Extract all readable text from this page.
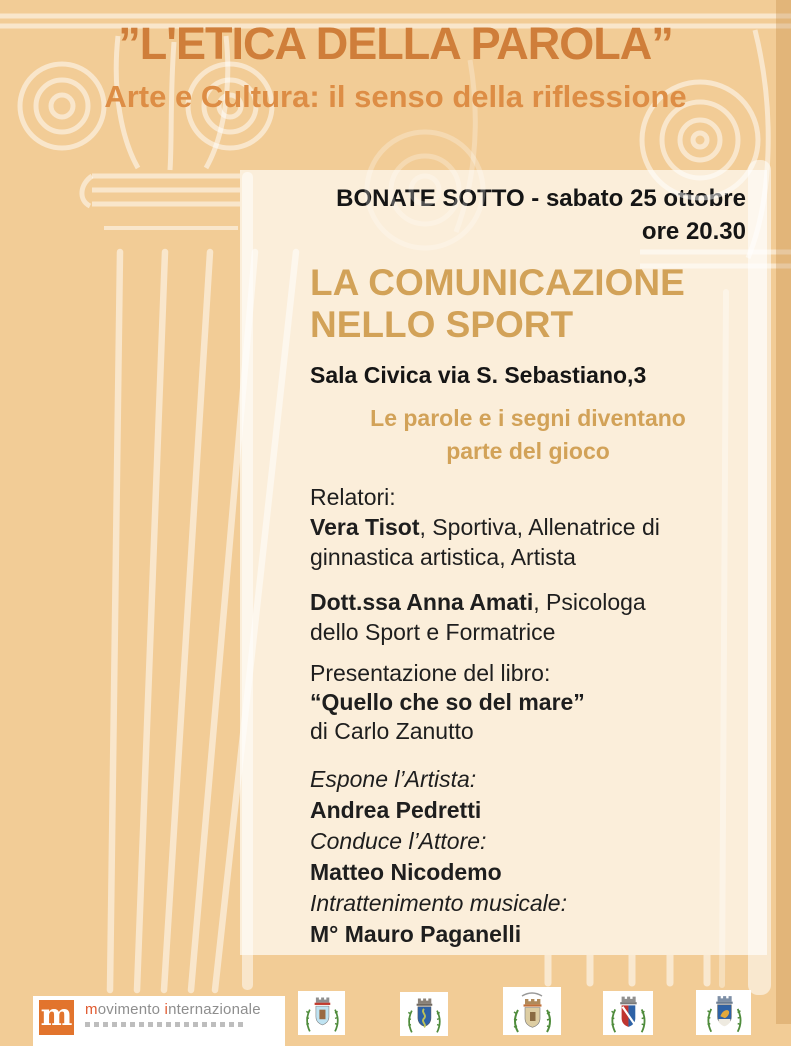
BONATE SOTTO - sabato 25 ottobre
ore 20.30
LA COMUNICAZIONE
NELLO SPORT
Sala Civica via S. Sebastiano,3
Le parole e i segni diventano
parte del gioco
Relatori:
Vera Tisot, Sportiva, Allenatrice di
ginnastica artistica, Artista
Dott.ssa Anna Amati, Psicologa
dello Sport e Formatrice
Presentazione del libro:
“Quello che so del mare”
di Carlo Zanutto
Espone l’Artista:
Andrea Pedretti
Conduce l’Attore:
Matteo Nicodemo
Intrattenimento musicale:
M° Mauro Paganelli
”L'ETICA DELLA PAROLA”
Arte e Cultura: il senso della riflessione
m movimento internazionale
